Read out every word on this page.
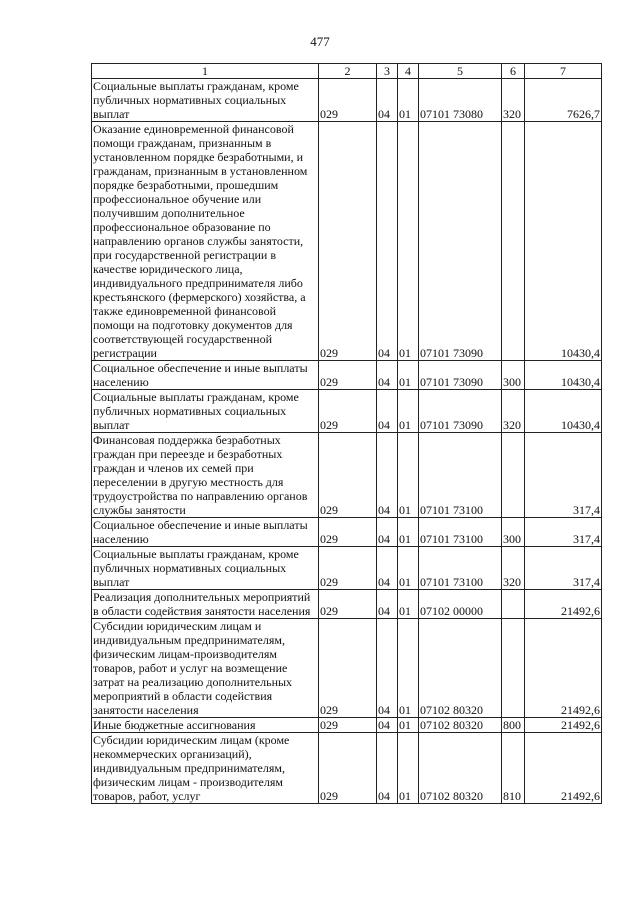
477
1	2	3	4	5	6	7
Социальные выплаты гражданам, кроме публичных нормативных социальных выплат	029	04	01	07101 73080	320	7626,7
Оказание единовременной финансовой помощи гражданам, признанным в установленном порядке безработными, и гражданам, признанным в установленном порядке безработными, прошедшим профессиональное обучение или получившим дополнительное профессиональное образование по направлению органов службы занятости, при государственной регистрации в качестве юридического лица, индивидуального предпринимателя либо крестьянского (фермерского) хозяйства, а также единовременной финансовой помощи на подготовку документов для соответствующей государственной регистрации	029	04	01	07101 73090		10430,4
Социальное обеспечение и иные выплаты населению	029	04	01	07101 73090	300	10430,4
Социальные выплаты гражданам, кроме публичных нормативных социальных выплат	029	04	01	07101 73090	320	10430,4
Финансовая поддержка безработных граждан при переезде и безработных граждан и членов их семей при переселении в другую местность для трудоустройства по направлению органов службы занятости	029	04	01	07101 73100		317,4
Социальное обеспечение и иные выплаты населению	029	04	01	07101 73100	300	317,4
Социальные выплаты гражданам, кроме публичных нормативных социальных выплат	029	04	01	07101 73100	320	317,4
Реализация дополнительных мероприятий в области содействия занятости населения	029	04	01	07102 00000		21492,6
Субсидии юридическим лицам и индивидуальным предпринимателям, физическим лицам-производителям товаров, работ и услуг на возмещение затрат на реализацию дополнительных мероприятий в области содействия занятости населения	029	04	01	07102 80320		21492,6
Иные бюджетные ассигнования	029	04	01	07102 80320	800	21492,6
Субсидии юридическим лицам (кроме некоммерческих организаций), индивидуальным предпринимателям, физическим лицам - производителям товаров, работ, услуг	029	04	01	07102 80320	810	21492,6
